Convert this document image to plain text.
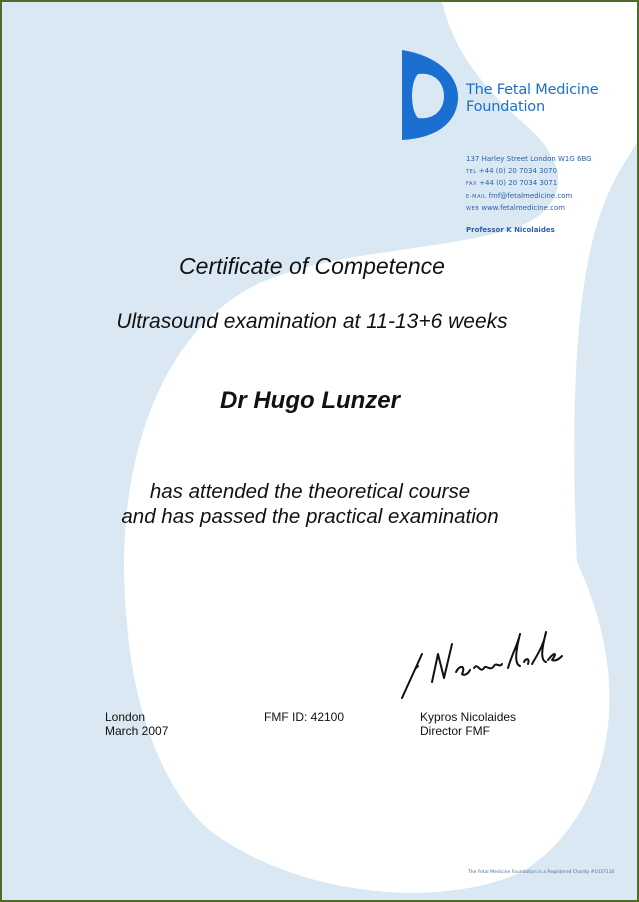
The Fetal Medicine
Foundation
137 Harley Street London W1G 6BG
TEL +44 (0) 20 7034 3070
FAX +44 (0) 20 7034 3071
E-MAIL fmf@fetalmedicine.com
WEB www.fetalmedicine.com
Professor K Nicolaides
Certificate of Competence
Ultrasound examination at 11-13+6 weeks
Dr Hugo Lunzer
has attended the theoretical course
and has passed the practical examination
London
March 2007
FMF ID: 42100	Kypros Nicolaides
Director FMF
The Fetal Medicine Foundation is a Registered Charity #1037116
